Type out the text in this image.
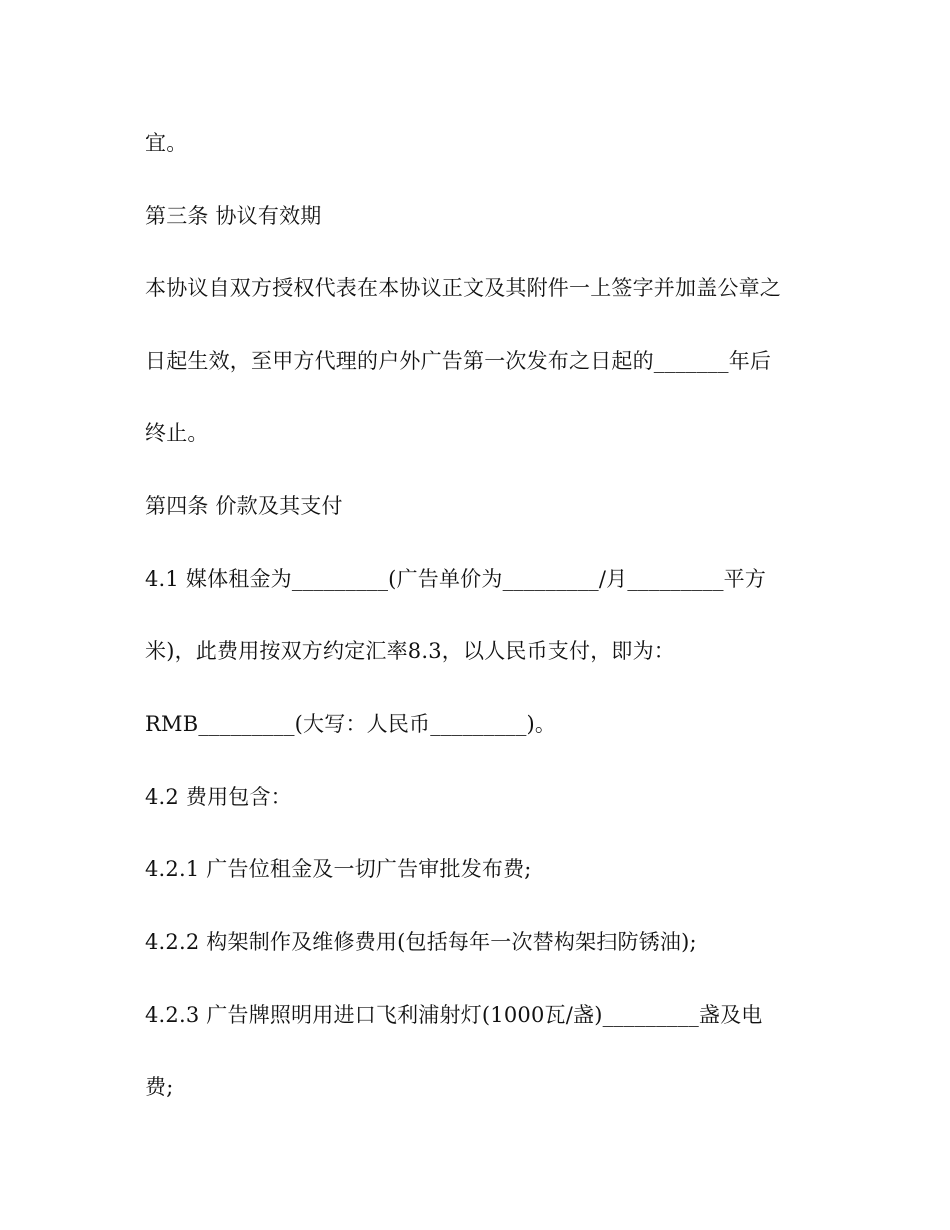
宜。
第三条 协议有效期
本协议自双方授权代表在本协议正文及其附件一上签字并加盖公章之
日起生效，至甲方代理的户外广告第一次发布之日起的_______年后
终止。
第四条 价款及其支付
4.1 媒体租金为_________(广告单价为_________/月_________平方
米)，此费用按双方约定汇率8.3，以人民币支付，即为：
RMB_________(大写：人民币_________)。
4.2 费用包含：
4.2.1 广告位租金及一切广告审批发布费;
4.2.2 构架制作及维修费用(包括每年一次替构架扫防锈油);
4.2.3 广告牌照明用进口飞利浦射灯(1000瓦/盏)_________盏及电
费;
